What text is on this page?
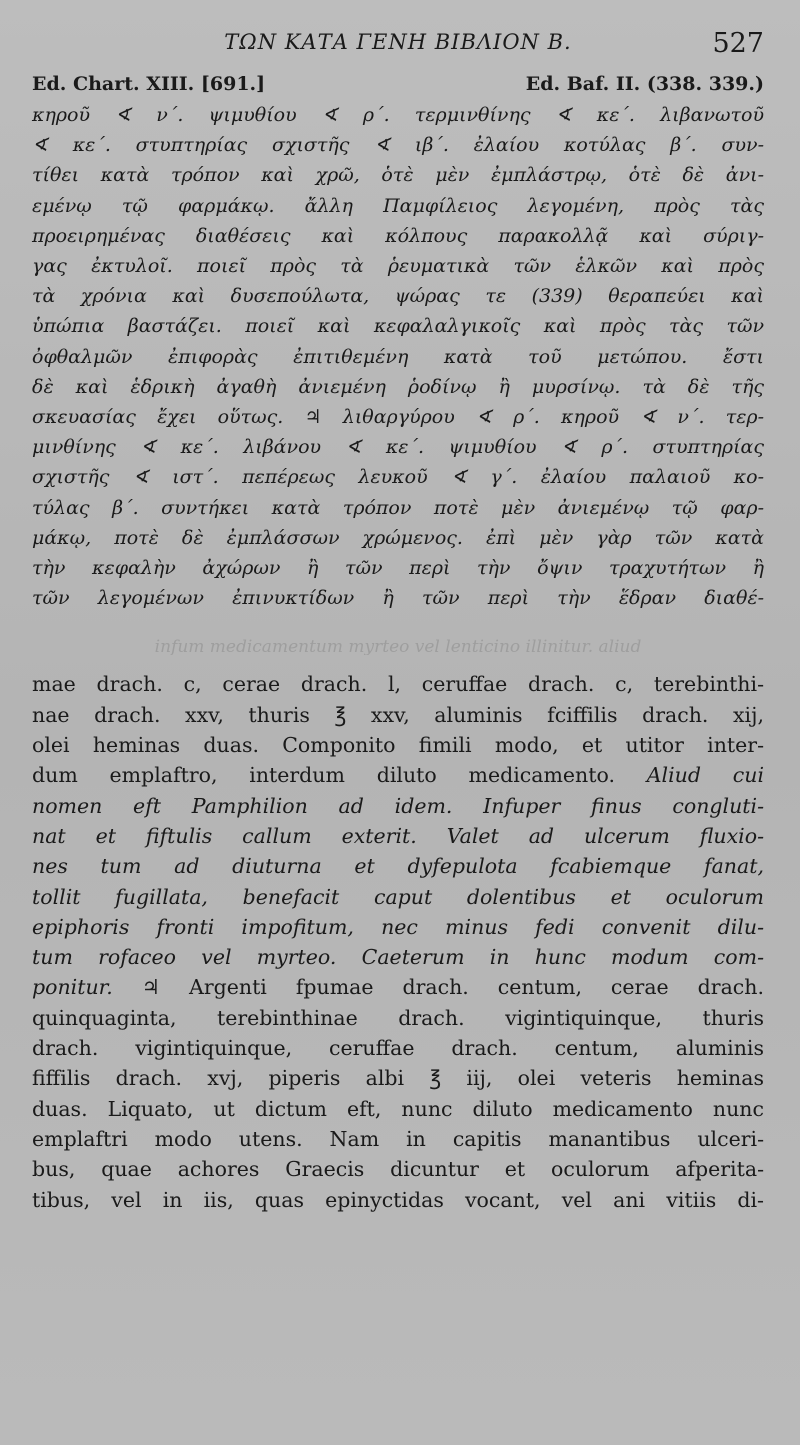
ΤΩΝ ΚΑΤΑ ΓΕΝΗ ΒΙΒΛΙΟΝ Β.	527
Ed. Chart. XIII. [691.]	Ed. Baf. II. (338. 339.)
κηροῦ ∢ ν΄. ψιμυθίου ∢ ρ΄. τερμινθίνης ∢ κε΄. λιβανωτοῦ
∢ κε΄. στυπτηρίας σχιστῆς ∢ ιβ΄. ἐλαίου κοτύλας β΄. συν-
τίθει κατὰ τρόπον καὶ χρῶ, ὁτὲ μὲν ἐμπλάστρῳ, ὁτὲ δὲ ἀνι-
εμένῳ τῷ φαρμάκῳ. ἄλλη Παμφίλειος λεγομένη, πρὸς τὰς
προειρημένας διαθέσεις καὶ κόλπους παρακολλᾷ καὶ σύριγ-
γας ἐκτυλοῖ. ποιεῖ πρὸς τὰ ῥευματικὰ τῶν ἑλκῶν καὶ πρὸς
τὰ χρόνια καὶ δυσεπούλωτα, ψώρας τε (339) θεραπεύει καὶ
ὑπώπια βαστάζει. ποιεῖ καὶ κεφαλαλγικοῖς καὶ πρὸς τὰς τῶν
ὀφθαλμῶν ἐπιφορὰς ἐπιτιθεμένη κατὰ τοῦ μετώπου. ἔστι
δὲ καὶ ἑδρικὴ ἀγαθὴ ἀνιεμένη ῥοδίνῳ ἢ μυρσίνῳ. τὰ δὲ τῆς
σκευασίας ἔχει οὕτως. ♃ λιθαργύρου ∢ ρ΄. κηροῦ ∢ ν΄. τερ-
μινθίνης ∢ κε΄. λιβάνου ∢ κε΄. ψιμυθίου ∢ ρ΄. στυπτηρίας
σχιστῆς ∢ ιστ΄. πεπέρεως λευκοῦ ∢ γ΄. ἐλαίου παλαιοῦ κο-
τύλας β΄. συντήκει κατὰ τρόπον ποτὲ μὲν ἀνιεμένῳ τῷ φαρ-
μάκῳ, ποτὲ δὲ ἐμπλάσσων χρώμενος. ἐπὶ μὲν γὰρ τῶν κατὰ
τὴν κεφαλὴν ἀχώρων ἢ τῶν περὶ τὴν ὄψιν τραχυτήτων ἢ
τῶν λεγομένων ἐπινυκτίδων ἢ τῶν περὶ τὴν ἕδραν διαθέ-
infum medicamentum myrteo vel lenticino illinitur. aliud
mae drach. c, cerae drach. l, ceruffae drach. c, terebinthi-
nae drach. xxv, thuris ℥ xxv, aluminis fciffilis drach. xij,
olei heminas duas. Componito fimili modo, et utitor inter-
dum emplaftro, interdum diluto medicamento. Aliud cui
nomen eft Pamphilion ad idem. Infuper finus congluti-
nat et fiftulis callum exterit. Valet ad ulcerum fluxio-
nes tum ad diuturna et dyfepulota fcabiemque fanat,
tollit fugillata, benefacit caput dolentibus et oculorum
epiphoris fronti impofitum, nec minus fedi convenit dilu-
tum rofaceo vel myrteo. Caeterum in hunc modum com-
ponitur. ♃ Argenti fpumae drach. centum, cerae drach.
quinquaginta, terebinthinae drach. vigintiquinque, thuris
drach. vigintiquinque, ceruffae drach. centum, aluminis
fiffilis drach. xvj, piperis albi ℥ iij, olei veteris heminas
duas. Liquato, ut dictum eft, nunc diluto medicamento nunc
emplaftri modo utens. Nam in capitis manantibus ulceri-
bus, quae achores Graecis dicuntur et oculorum afperita-
tibus, vel in iis, quas epinyctidas vocant, vel ani vitiis di-
